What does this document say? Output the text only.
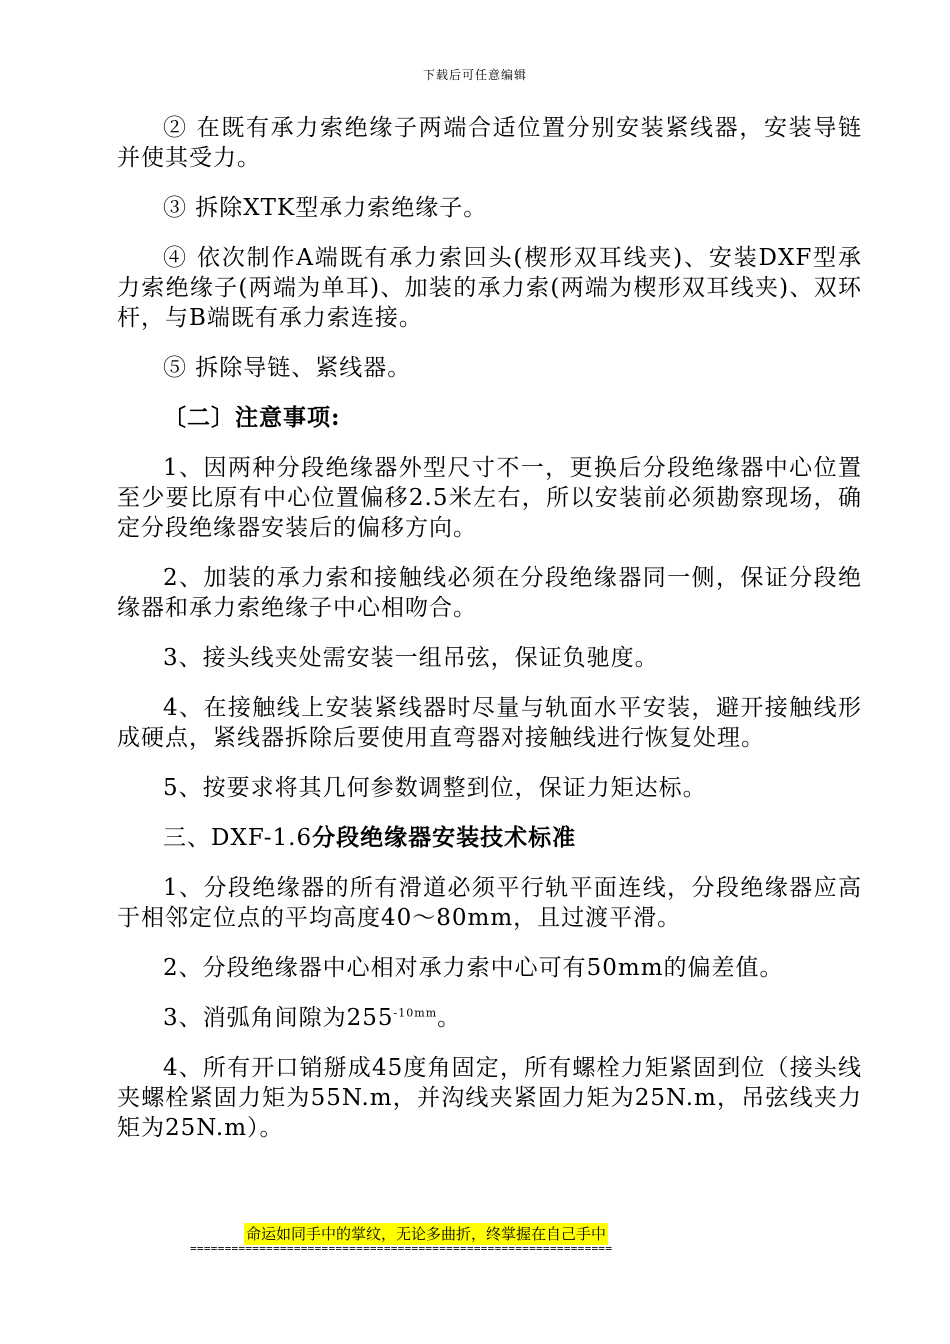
下载后可任意编辑

② 在既有承力索绝缘子两端合适位置分别安装紧线器，安装导链并使其受力。

③ 拆除XTK型承力索绝缘子。

④ 依次制作A端既有承力索回头(楔形双耳线夹)、安装DXF型承力索绝缘子(两端为单耳)、加装的承力索(两端为楔形双耳线夹)、双环杆，与B端既有承力索连接。

⑤ 拆除导链、紧线器。

〔二〕注意事项:

1、因两种分段绝缘器外型尺寸不一，更换后分段绝缘器中心位置至少要比原有中心位置偏移2.5米左右，所以安装前必须勘察现场，确定分段绝缘器安装后的偏移方向。

2、加装的承力索和接触线必须在分段绝缘器同一侧，保证分段绝缘器和承力索绝缘子中心相吻合。

3、接头线夹处需安装一组吊弦，保证负驰度。

4、在接触线上安装紧线器时尽量与轨面水平安装，避开接触线形成硬点，紧线器拆除后要使用直弯器对接触线进行恢复处理。

5、按要求将其几何参数调整到位，保证力矩达标。

三、DXF-1.6分段绝缘器安装技术标准

1、分段绝缘器的所有滑道必须平行轨平面连线，分段绝缘器应高于相邻定位点的平均高度40～80mm，且过渡平滑。

2、分段绝缘器中心相对承力索中心可有50mm的偏差值。

3、消弧角间隙为$255^{-10mm}$。

4、所有开口销掰成45度角固定，所有螺栓力矩紧固到位（接头线夹螺栓紧固力矩为55N.m，并沟线夹紧固力矩为25N.m，吊弦线夹力矩为25N.m）。

命运如同手中的掌纹，无论多曲折，终掌握在自己手中
=============================================================
